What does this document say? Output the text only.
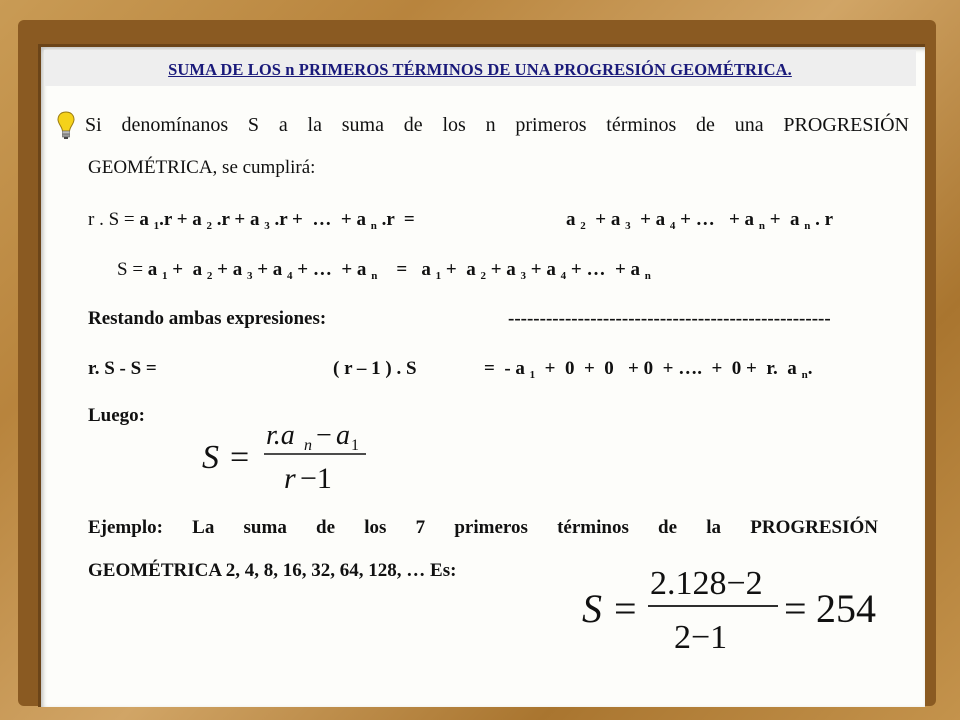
SUMA DE LOS n PRIMEROS TÉRMINOS DE UNA PROGRESIÓN GEOMÉTRICA.
Si denomínanos S a la suma de los n primeros términos de una PROGRESIÓN
GEOMÉTRICA, se cumplirá:
r . S = a $_1$.r + a $_2$ .r + a $_3$ .r +  …  + a $_n$ .r  =	a $_2$  + a $_3$  + a $_4$ + …   + a $_n$ +  a $_n$ . r
S = a $_1$ +  a $_2$ + a $_3$ + a $_4$ + …  + a $_n$    =   a $_1$ +  a $_2$ + a $_3$ + a $_4$ + …  + a $_n$
Restando ambas expresiones:	---------------------------------------------------
r. S - S =	( r – 1 ) . S	=  - a $_1$  +  0  +  0   + 0  + ….  +  0 +  r.  a $_n$.
Luego:
S =
r.a n − a 1
r −1
Ejemplo: La suma de los 7 primeros términos de la PROGRESIÓN
GEOMÉTRICA 2, 4, 8, 16, 32, 64, 128, … Es:
S =
2.128−2
2−1
= 254
